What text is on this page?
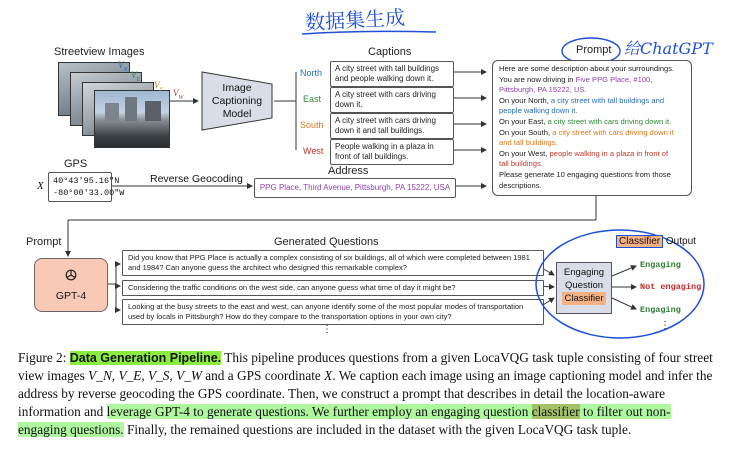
数据集生成
给ChatGPT
Streetview Images
$V_N$
$V_E$
$V_S$ $V_W$
Image
Captioning
Model
Captions
North	A city street with tall buildings and people walking down it.
East	A city street with cars driving down it.
South	A city street with cars driving down it and tall buildings.
West	People walking in a plaza in front of tall buildings.
Prompt
Here are some description about your surroundings.
You are now driving in Five PPG Place, #100,
Pittsburgh, PA 15222, US.
On your North, a city street with tall buildings and
people walking down it.
On your East, a city street with cars driving down it.
On your South, a city street with cars driving down it
and tall buildings.
On your West, people walking in a plaza in front of
tall buildings.
Please generate 10 engaging questions from those
descriptions.
GPS
X 40°43'95.16"N
-80°00'33.00"W
Reverse Geocoding
Address
PPG Place, Third Avenue, Pittsburgh, PA 15222, USA
Prompt
GPT-4
Generated Questions
Did you know that PPG Place is actually a complex consisting of six buildings, all of which were completed between 1981 and 1984? Can anyone guess the architect who designed this remarkable complex?
Considering the traffic conditions on the west side, can anyone guess what time of day it might be?
Looking at the busy streets to the east and west, can anyone identify some of the most popular modes of transportation used by locals in Pittsburgh? How do they compare to the transportation options in your own city?
⋮
Classifier Output
Engaging
Question
Classifier
Engaging
Not engaging
Engaging
⋮
Figure 2: Data Generation Pipeline. This pipeline produces questions from a given LocaVQG task tuple consisting of four street view images V_N, V_E, V_S, V_W and a GPS coordinate X. We caption each image using an image captioning model and infer the address by reverse geocoding the GPS coordinate. Then, we construct a prompt that describes in detail the location-aware information and leverage GPT-4 to generate questions. We further employ an engaging question classifier to filter out non-engaging questions. Finally, the remained questions are included in the dataset with the given LocaVQG task tuple.
